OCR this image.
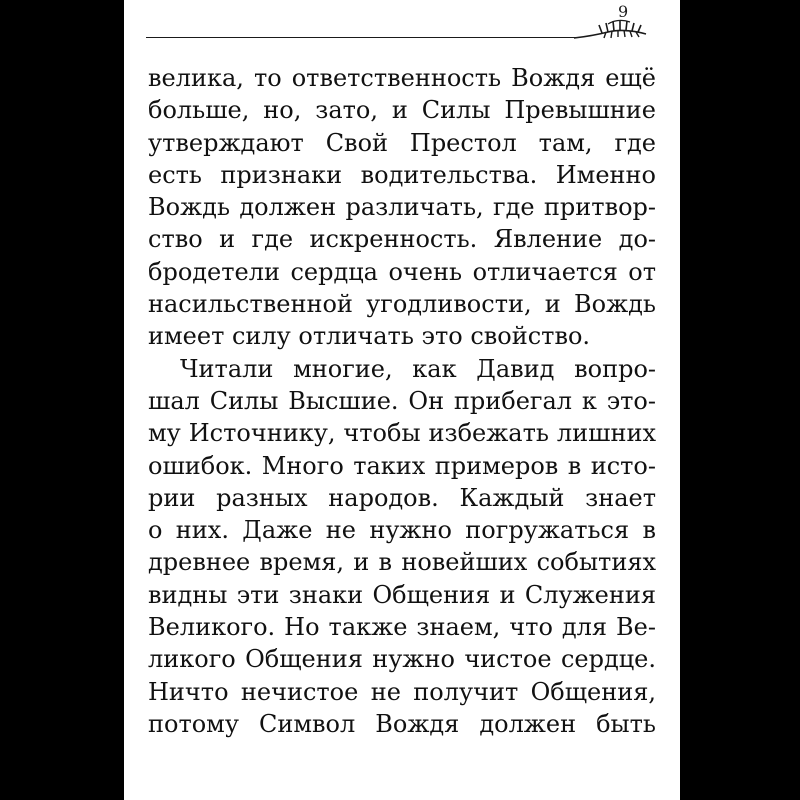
9
велика, то ответственность Вождя ещё
больше, но, зато, и Силы Превышние
утверждают Свой Престол там, где
есть признаки водительства. Именно
Вождь должен различать, где притвор-
ство и где искренность. Явление до-
бродетели сердца очень отличается от
насильственной угодливости, и Вождь
имеет силу отличать это свойство.
Читали многие, как Давид вопро-
шал Силы Высшие. Он прибегал к это-
му Источнику, чтобы избежать лишних
ошибок. Много таких примеров в исто-
рии разных народов. Каждый знает
о них. Даже не нужно погружаться в
древнее время, и в новейших событиях
видны эти знаки Общения и Служения
Великого. Но также знаем, что для Ве-
ликого Общения нужно чистое сердце.
Ничто нечистое не получит Общения,
потому Символ Вождя должен быть
